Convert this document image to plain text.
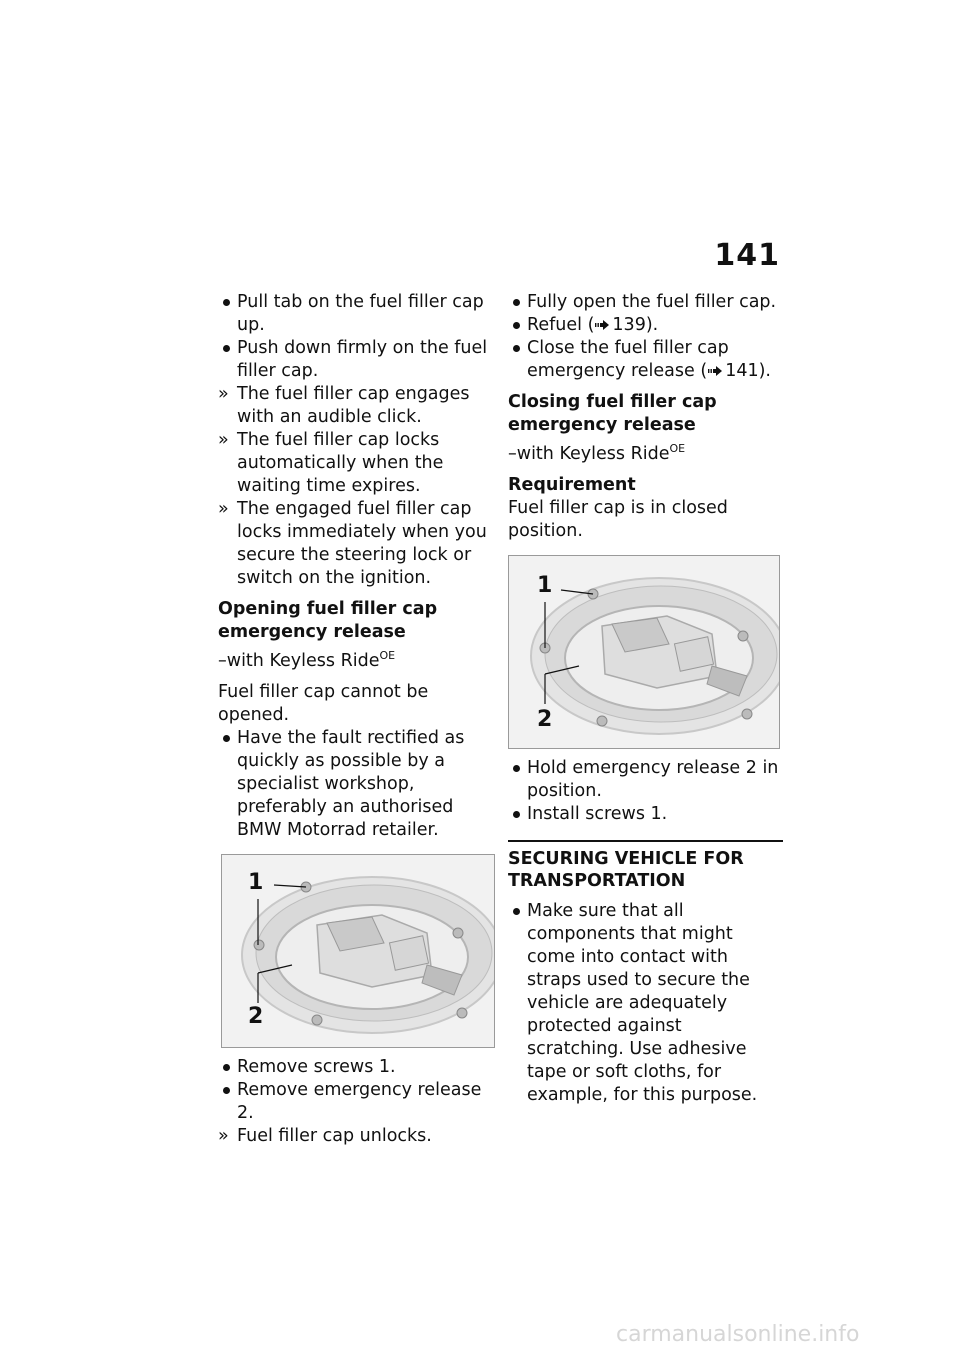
141
Pull tab on the fuel filler cap up.
Push down firmly on the fuel filler cap.
» The fuel filler cap engages with an audible click.
» The fuel filler cap locks automatically when the waiting time expires.
» The engaged fuel filler cap locks immediately when you secure the steering lock or switch on the ignition.
Opening fuel filler cap emergency release
–with Keyless Ride$^{OE}$
Fuel filler cap cannot be opened.
Have the fault rectified as quickly as possible by a specialist workshop, preferably an authorised BMW Motorrad retailer.
1
2
Remove screws 1.
Remove emergency release 2.
» Fuel filler cap unlocks.
Fully open the fuel filler cap.
Refuel ( 139).
Close the fuel filler cap emergency release ( 141).
Closing fuel filler cap emergency release
–with Keyless Ride$^{OE}$
Requirement
Fuel filler cap is in closed position.
1
2
Hold emergency release 2 in position.
Install screws 1.
SECURING VEHICLE FOR TRANSPORTATION
Make sure that all components that might come into contact with straps used to secure the vehicle are adequately protected against scratching. Use adhesive tape or soft cloths, for example, for this purpose.
carmanualsonline.info
